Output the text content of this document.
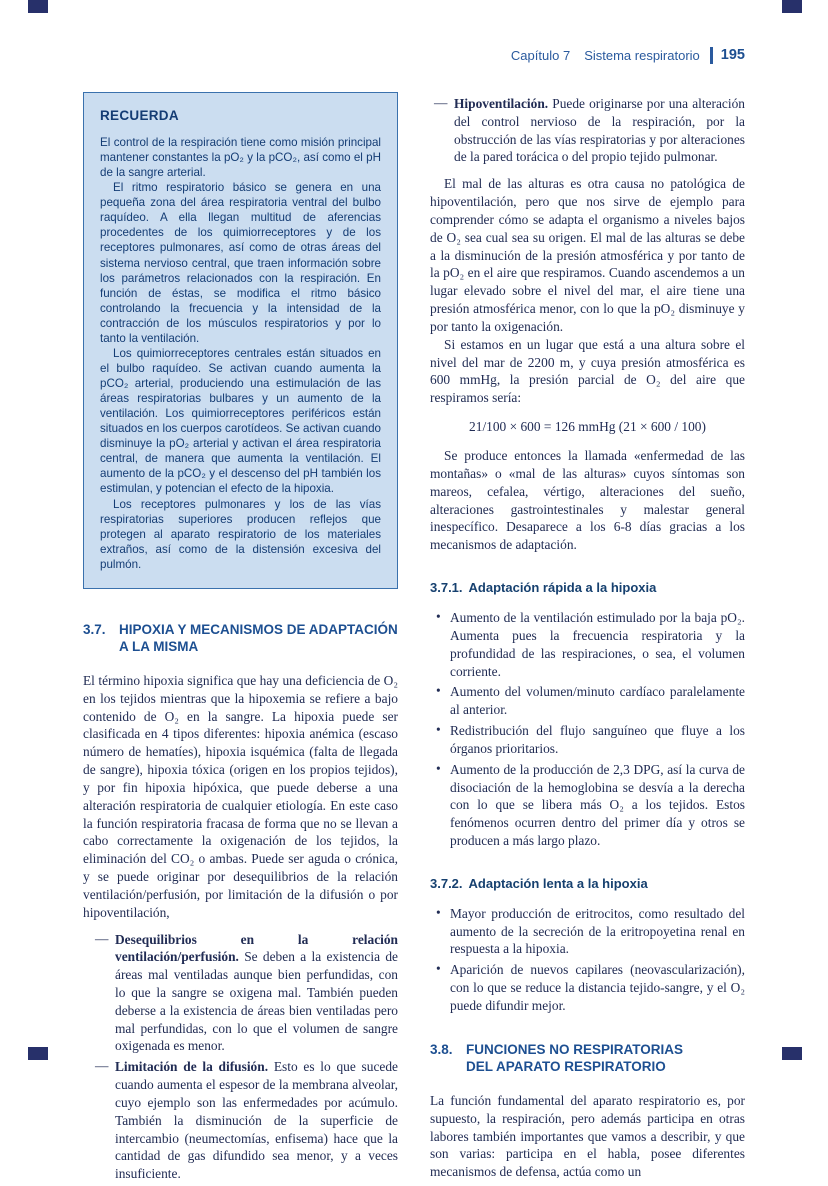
Capítulo 7 Sistema respiratorio 195
RECUERDA

El control de la respiración tiene como misión principal mantener constantes la pO₂ y la pCO₂, así como el pH de la sangre arterial.

El ritmo respiratorio básico se genera en una pequeña zona del área respiratoria ventral del bulbo raquídeo. A ella llegan multitud de aferencias procedentes de los quimiorreceptores y de los receptores pulmonares, así como de otras áreas del sistema nervioso central, que traen información sobre los parámetros relacionados con la respiración. En función de éstas, se modifica el ritmo básico controlando la frecuencia y la intensidad de la contracción de los músculos respiratorios y por lo tanto la ventilación.

Los quimiorreceptores centrales están situados en el bulbo raquídeo. Se activan cuando aumenta la pCO₂ arterial, produciendo una estimulación de las áreas respiratorias bulbares y un aumento de la ventilación. Los quimiorreceptores periféricos están situados en los cuerpos carotídeos. Se activan cuando disminuye la pO₂ arterial y activan el área respiratoria central, de manera que aumenta la ventilación. El aumento de la pCO₂ y el descenso del pH también los estimulan, y potencian el efecto de la hipoxia.

Los receptores pulmonares y los de las vías respiratorias superiores producen reflejos que protegen al aparato respiratorio de los materiales extraños, así como de la distensión excesiva del pulmón.

3.7. HIPOXIA Y MECANISMOS DE ADAPTACIÓN
A LA MISMA

El término hipoxia significa que hay una deficiencia de O₂ en los tejidos mientras que la hipoxemia se refiere a bajo contenido de O₂ en la sangre. La hipoxia puede ser clasificada en 4 tipos diferentes: hipoxia anémica (escaso número de hematíes), hipoxia isquémica (falta de llegada de sangre), hipoxia tóxica (origen en los propios tejidos), y por fin hipoxia hipóxica, que puede deberse a una alteración respiratoria de cualquier etiología. En este caso la función respiratoria fracasa de forma que no se llevan a cabo correctamente la oxigenación de los tejidos, la eliminación del CO₂ o ambas. Puede ser aguda o crónica, y se puede originar por desequilibrios de la relación ventilación/perfusión, por limitación de la difusión o por hipoventilación,

— Desequilibrios en la relación ventilación/perfusión. Se deben a la existencia de áreas mal ventiladas aunque bien perfundidas, con lo que la sangre se oxigena mal. También pueden deberse a la existencia de áreas bien ventiladas pero mal perfundidas, con lo que el volumen de sangre oxigenada es menor.

— Limitación de la difusión. Esto es lo que sucede cuando aumenta el espesor de la membrana alveolar, cuyo ejemplo son las enfermedades por acúmulo. También la disminución de la superficie de intercambio (neumectomías, enfisema) hace que la cantidad de gas difundido sea menor, y a veces insuficiente.

— Hipoventilación. Puede originarse por una alteración del control nervioso de la respiración, por la obstrucción de las vías respiratorias y por alteraciones de la pared torácica o del propio tejido pulmonar.

El mal de las alturas es otra causa no patológica de hipoventilación, pero que nos sirve de ejemplo para comprender cómo se adapta el organismo a niveles bajos de O₂ sea cual sea su origen. El mal de las alturas se debe a la disminución de la presión atmosférica y por tanto de la pO₂ en el aire que respiramos. Cuando ascendemos a un lugar elevado sobre el nivel del mar, el aire tiene una presión atmosférica menor, con lo que la pO₂ disminuye y por tanto la oxigenación.

Si estamos en un lugar que está a una altura sobre el nivel del mar de 2200 m, y cuya presión atmosférica es 600 mmHg, la presión parcial de O₂ del aire que respiramos sería:

21/100 × 600 = 126 mmHg (21 × 600 / 100)

Se produce entonces la llamada «enfermedad de las montañas» o «mal de las alturas» cuyos síntomas son mareos, cefalea, vértigo, alteraciones del sueño, alteraciones gastrointestinales y malestar general inespecífico. Desaparece a los 6-8 días gracias a los mecanismos de adaptación.

3.7.1. Adaptación rápida a la hipoxia
• Aumento de la ventilación estimulado por la baja pO₂. Aumenta pues la frecuencia respiratoria y la profundidad de las respiraciones, o sea, el volumen corriente.

• Aumento del volumen/minuto cardíaco paralelamente al anterior.

• Redistribución del flujo sanguíneo que fluye a los órganos prioritarios.

• Aumento de la producción de 2,3 DPG, así la curva de disociación de la hemoglobina se desvía a la derecha con lo que se libera más O₂ a los tejidos. Estos fenómenos ocurren dentro del primer día y otros se producen a más largo plazo.

3.7.2. Adaptación lenta a la hipoxia
• Mayor producción de eritrocitos, como resultado del aumento de la secreción de la eritropoyetina renal en respuesta a la hipoxia.

• Aparición de nuevos capilares (neovascularización), con lo que se reduce la distancia tejido-sangre, y el O₂ puede difundir mejor.

3.8. FUNCIONES NO RESPIRATORIAS
DEL APARATO RESPIRATORIO

La función fundamental del aparato respiratorio es, por supuesto, la respiración, pero además participa en otras labores también importantes que vamos a describir, y que son varias: participa en el habla, posee diferentes mecanismos de defensa, actúa como un
